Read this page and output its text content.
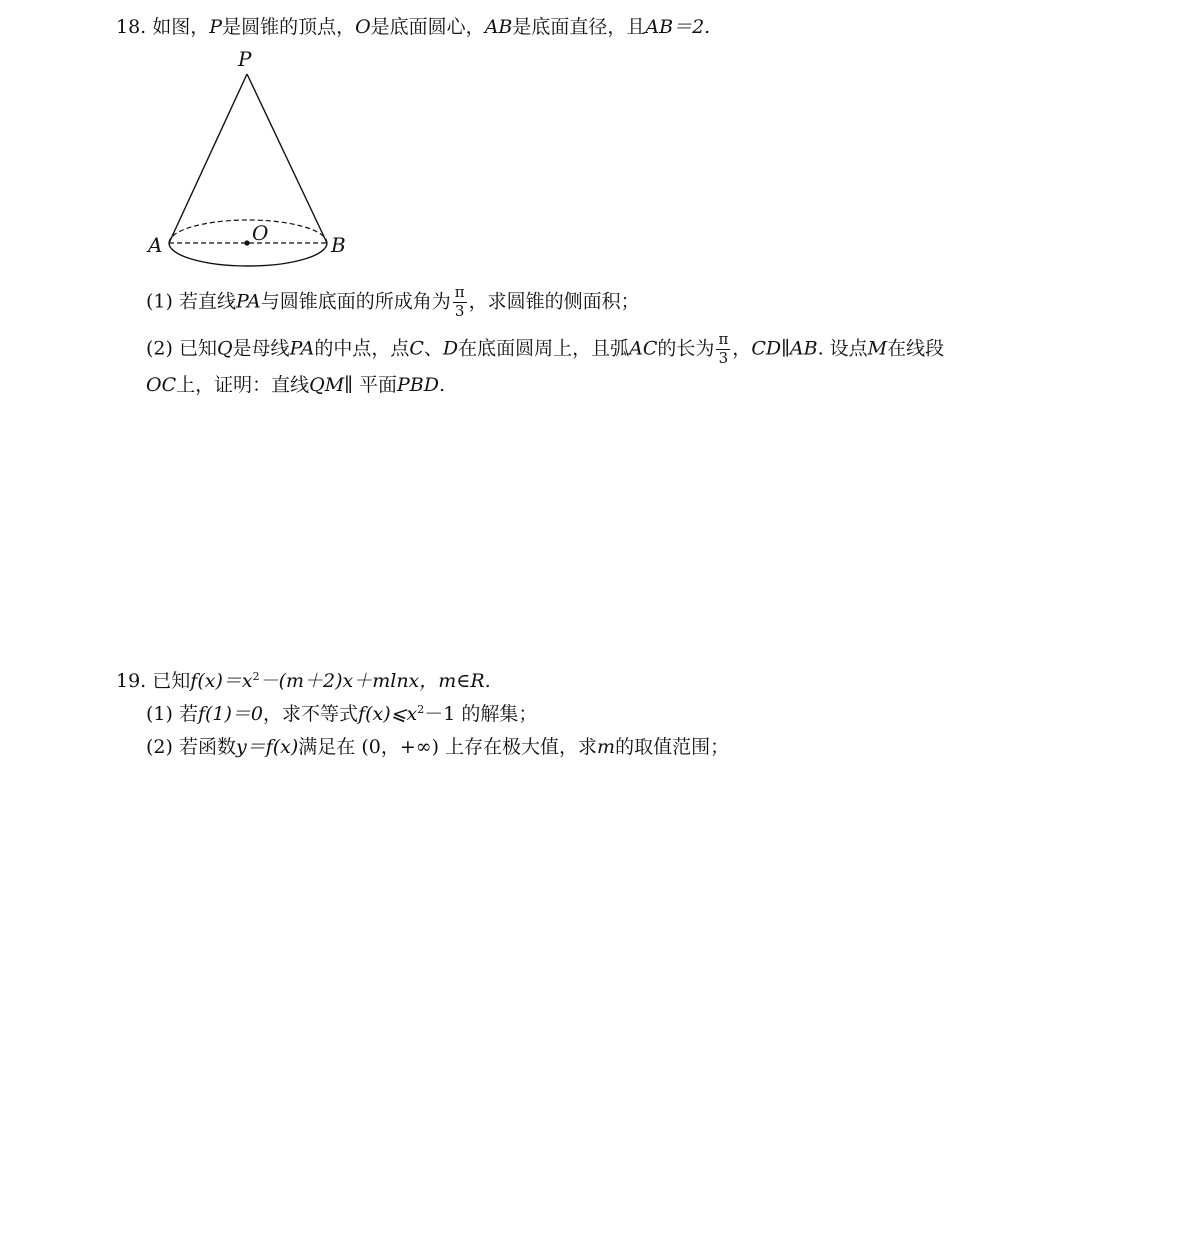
18. 如图，P是圆锥的顶点，O是底面圆心，AB是底面直径，且AB＝2.
P
O
A	B
(1) 若直线PA与圆锥底面的所成角为 $\frac{\pi}{3}$ ，求圆锥的侧面积；
(2) 已知Q是母线PA的中点，点C、D在底面圆周上，且弧AC的长为 $\frac{\pi}{3}$ ，CD∥AB. 设点M在线段
OC上，证明：直线QM∥ 平面PBD.
19. 已知$f(x)=x^2-(m+2)x+mlnx$，m∈R.
(1) 若f(1)＝0，求不等式$f(x)⩽x^2-1$ 的解集；
(2) 若函数y＝f(x)满足在 (0，+∞) 上存在极大值，求m的取值范围；
